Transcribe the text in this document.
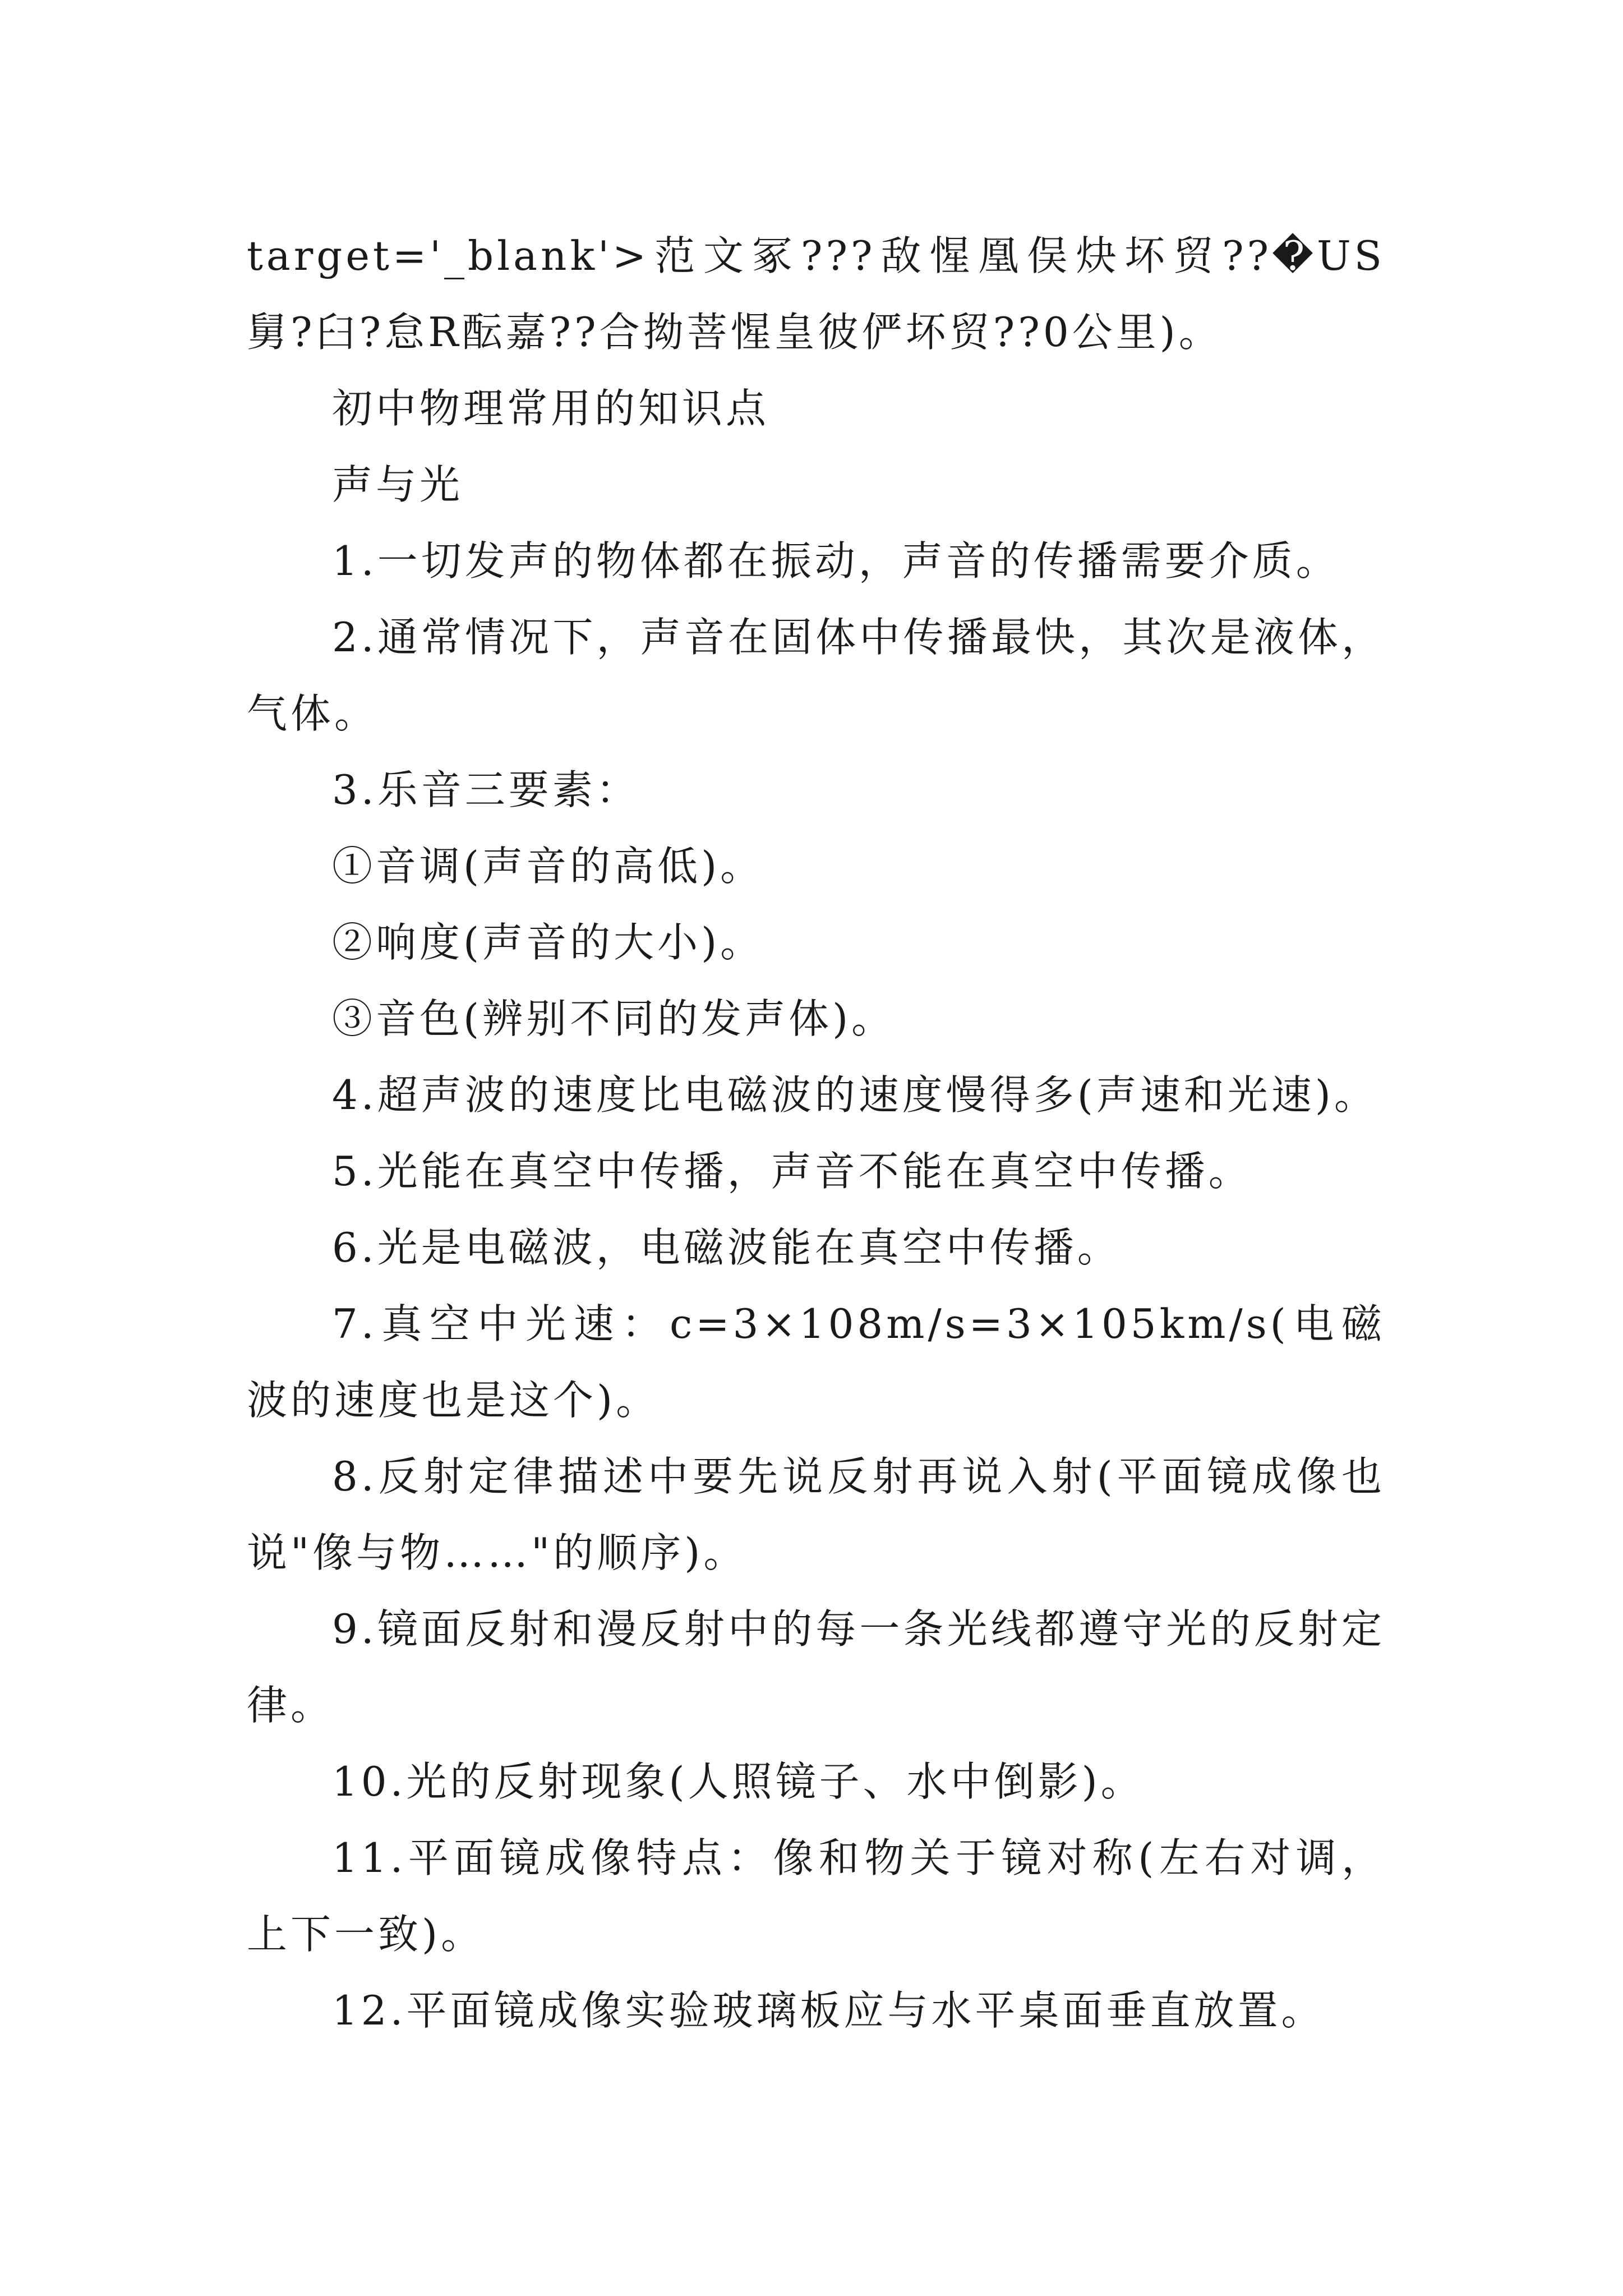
target='_blank'>范文冢???敌惺凰俣炔坏贸??�US舅?臼?怠R酝嘉??合拗菩惺皇彼俨坏贸??0公里)。

初中物理常用的知识点

声与光

1.一切发声的物体都在振动，声音的传播需要介质。

2.通常情况下，声音在固体中传播最快，其次是液体，气体。

3.乐音三要素：

①音调(声音的高低)。

②响度(声音的大小)。

③音色(辨别不同的发声体)。

4.超声波的速度比电磁波的速度慢得多(声速和光速)。

5.光能在真空中传播，声音不能在真空中传播。

6.光是电磁波，电磁波能在真空中传播。

7.真空中光速：c=3×108m/s=3×105km/s(电磁波的速度也是这个)。

8.反射定律描述中要先说反射再说入射(平面镜成像也说"像与物……"的顺序)。

9.镜面反射和漫反射中的每一条光线都遵守光的反射定律。

10.光的反射现象(人照镜子、水中倒影)。

11.平面镜成像特点：像和物关于镜对称(左右对调，上下一致)。

12.平面镜成像实验玻璃板应与水平桌面垂直放置。
